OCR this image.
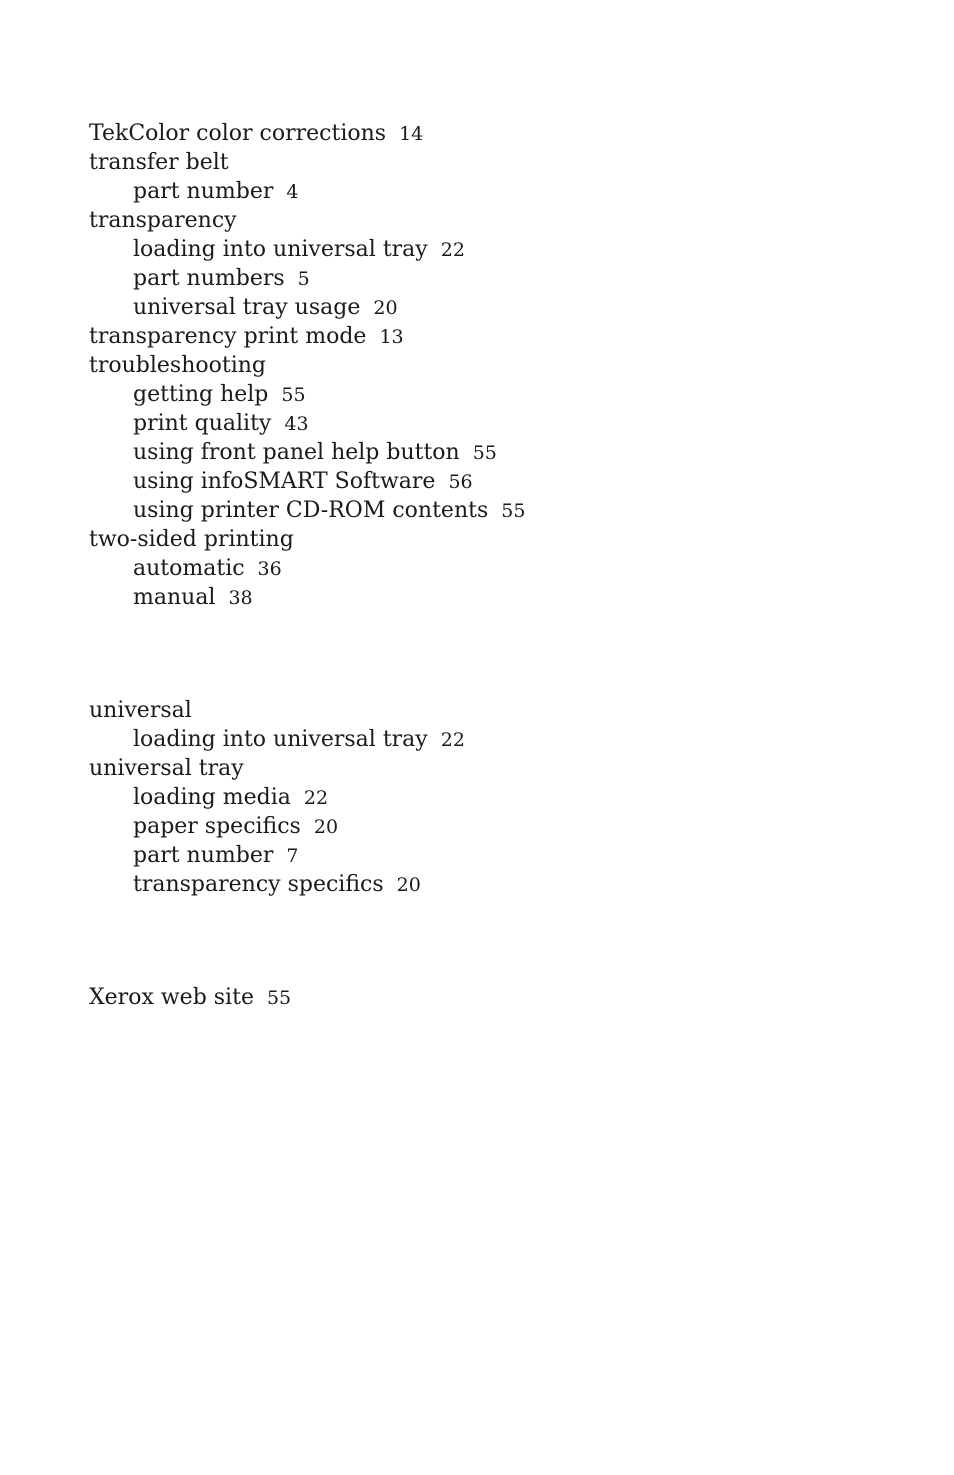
TekColor color corrections 14
transfer belt
part number 4
transparency
loading into universal tray 22
part numbers 5
universal tray usage 20
transparency print mode 13
troubleshooting
getting help 55
print quality 43
using front panel help button 55
using infoSMART Software 56
using printer CD-ROM contents 55
two-sided printing
automatic 36
manual 38
universal
loading into universal tray 22
universal tray
loading media 22
paper specifics 20
part number 7
transparency specifics 20
Xerox web site 55
